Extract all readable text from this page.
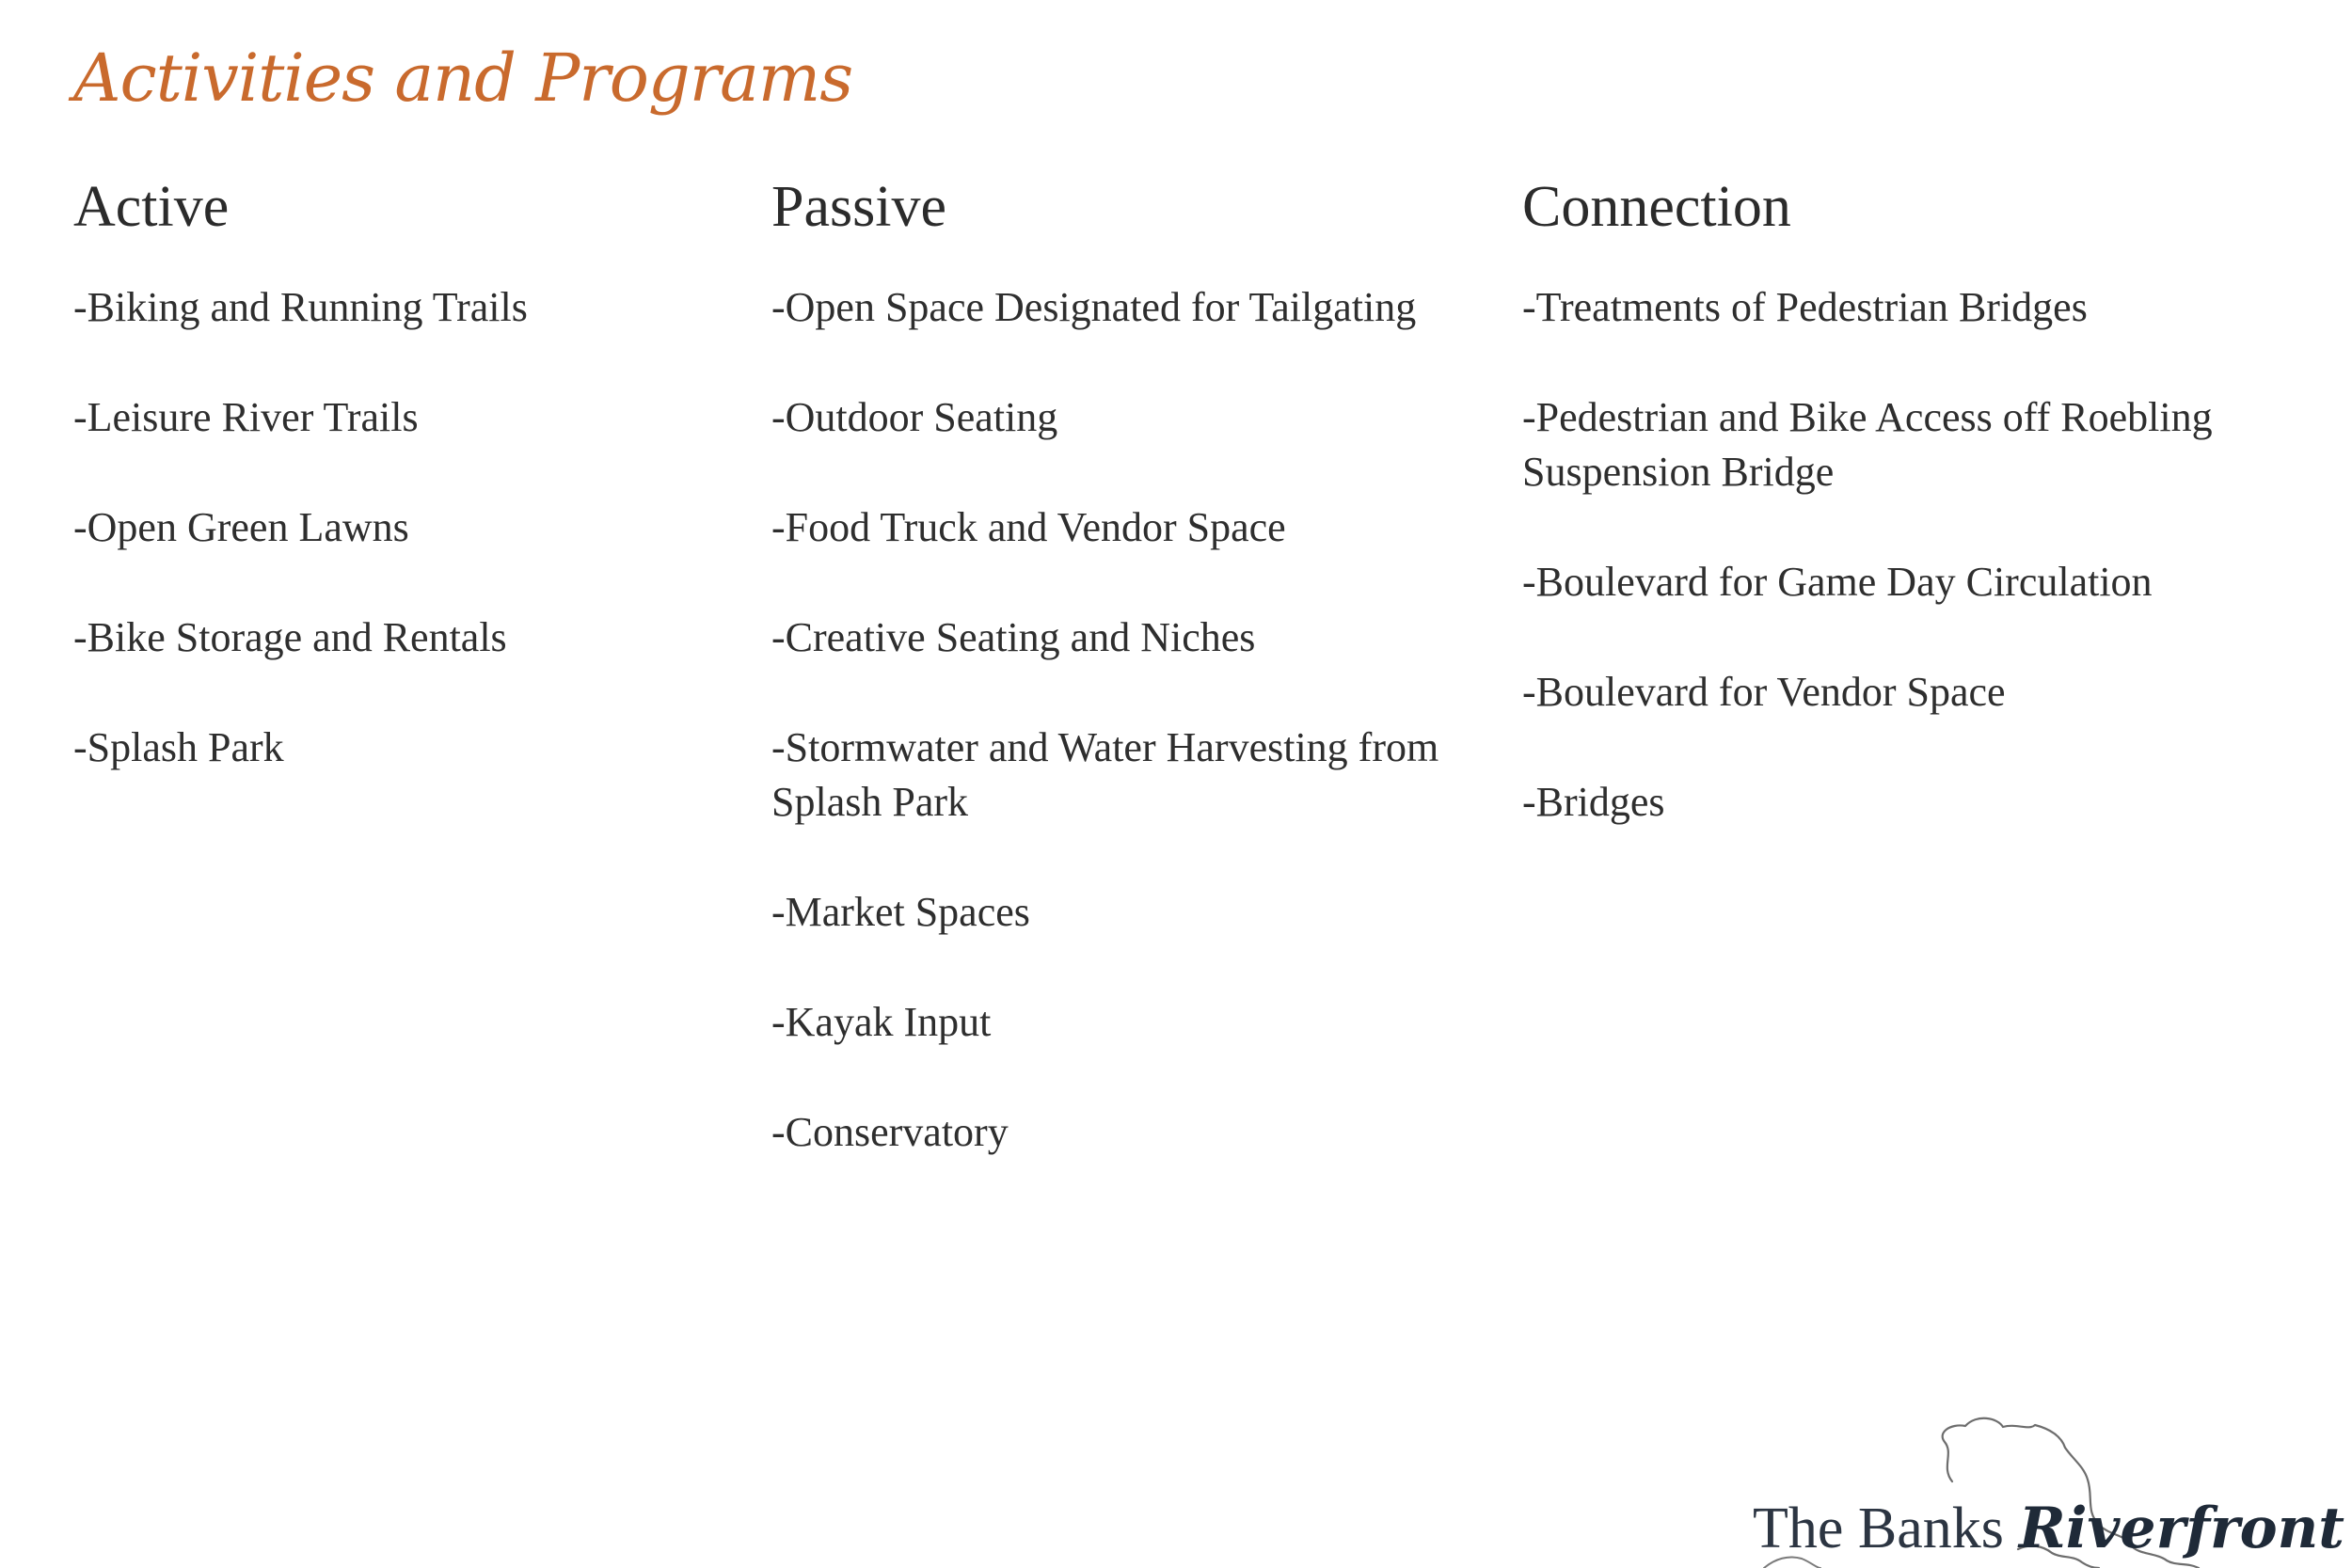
Activities and Programs
Active
-Biking and Running Trails
-Leisure River Trails
-Open Green Lawns
-Bike Storage and Rentals
-Splash Park
Passive
-Open Space Designated for Tailgating
-Outdoor Seating
-Food Truck and Vendor Space
-Creative Seating and Niches
-Stormwater and Water Harvesting from Splash Park
-Market Spaces
-Kayak Input
-Conservatory
Connection
-Treatments of Pedestrian Bridges
-Pedestrian and Bike Access off Roebling Suspension Bridge
-Boulevard for Game Day Circulation
-Boulevard for Vendor Space
-Bridges
The Banks Riverfront
